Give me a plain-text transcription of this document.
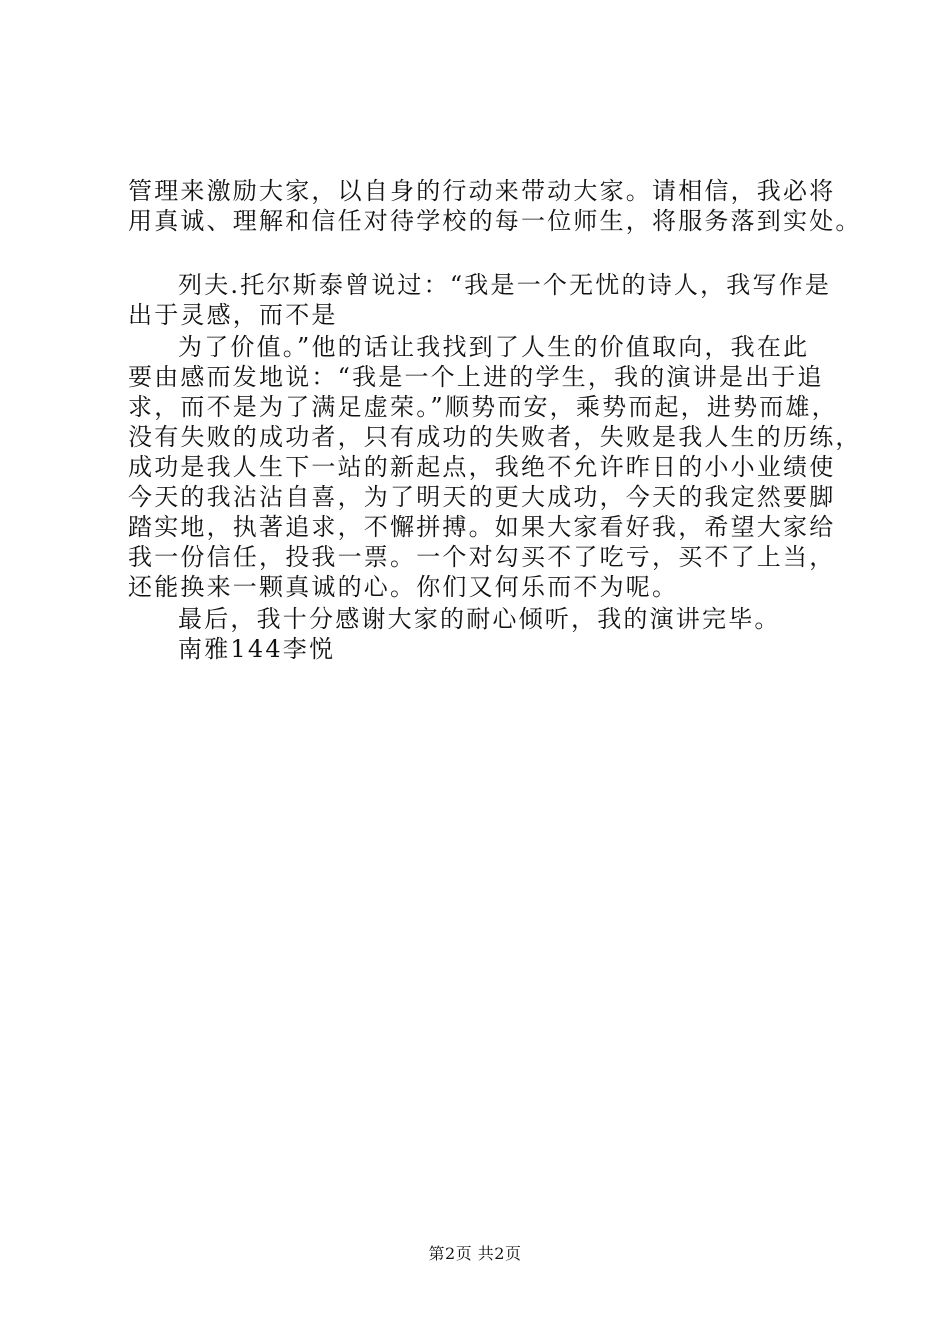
管理来激励大家，以自身的行动来带动大家。请相信，我必将
用真诚、理解和信任对待学校的每一位师生，将服务落到实处。
列夫.托尔斯泰曾说过：“我是一个无忧的诗人，我写作是
出于灵感，而不是
为了价值。”他的话让我找到了人生的价值取向，我在此
要由感而发地说：“我是一个上进的学生，我的演讲是出于追
求，而不是为了满足虚荣。”顺势而安，乘势而起，进势而雄，
没有失败的成功者，只有成功的失败者，失败是我人生的历练，
成功是我人生下一站的新起点，我绝不允许昨日的小小业绩使
今天的我沾沾自喜，为了明天的更大成功，今天的我定然要脚
踏实地，执著追求，不懈拼搏。如果大家看好我，希望大家给
我一份信任，投我一票。一个对勾买不了吃亏，买不了上当，
还能换来一颗真诚的心。你们又何乐而不为呢。
最后，我十分感谢大家的耐心倾听，我的演讲完毕。
南雅144李悦
第2页 共2页
